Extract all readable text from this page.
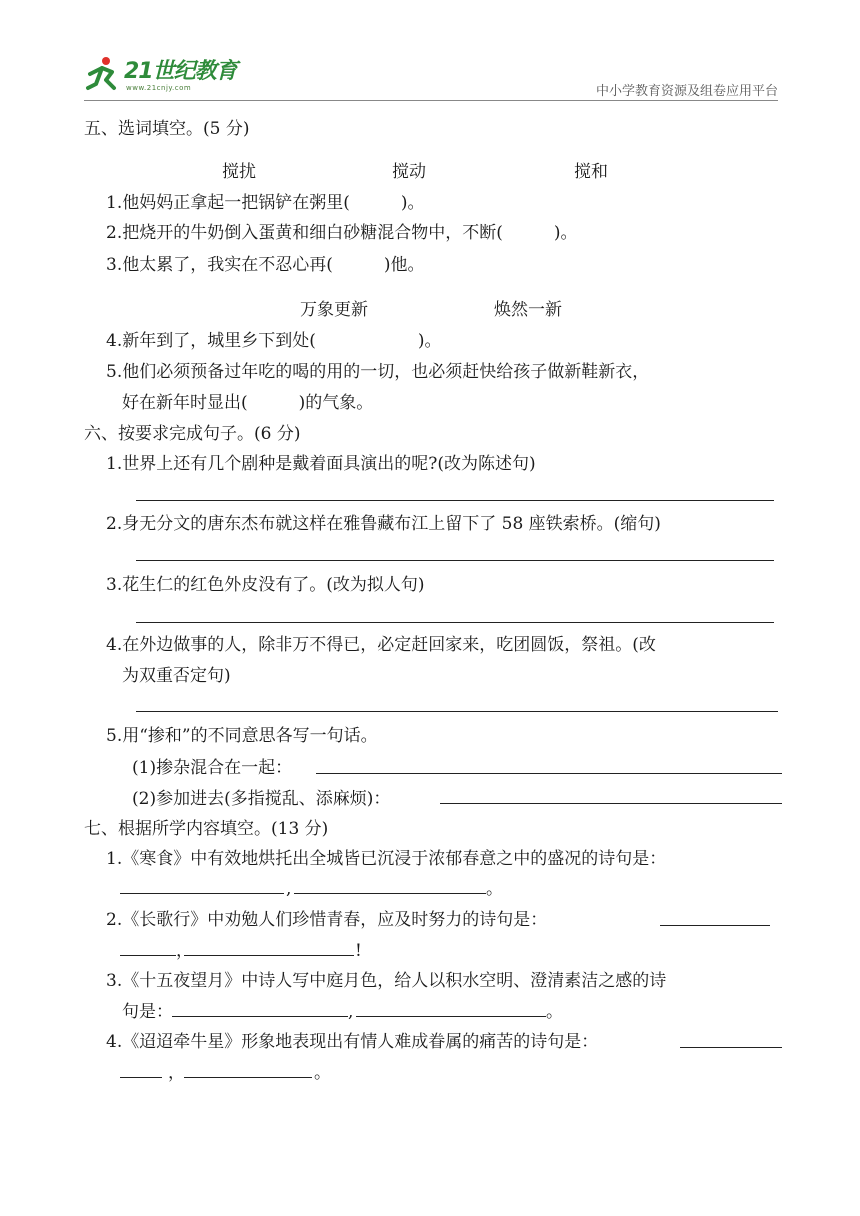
21世纪教育
www.21cnjy.com	中小学教育资源及组卷应用平台
五、选词填空。(5 分)
搅扰	搅动	搅和
1.他妈妈正拿起一把锅铲在粥里(　　　)。
2.把烧开的牛奶倒入蛋黄和细白砂糖混合物中，不断(　　　)。
3.他太累了，我实在不忍心再(　　　)他。
万象更新	焕然一新
4.新年到了，城里乡下到处(　　　　　　)。
5.他们必须预备过年吃的喝的用的一切，也必须赶快给孩子做新鞋新衣，
好在新年时显出(　　　)的气象。
六、按要求完成句子。(6 分)
1.世界上还有几个剧种是戴着面具演出的呢?(改为陈述句)
2.身无分文的唐东杰布就这样在雅鲁藏布江上留下了 58 座铁索桥。(缩句)
3.花生仁的红色外皮没有了。(改为拟人句)
4.在外边做事的人，除非万不得已，必定赶回家来，吃团圆饭，祭祖。(改
为双重否定句)
5.用“掺和”的不同意思各写一句话。
(1)掺杂混合在一起：
(2)参加进去(多指搅乱、添麻烦)：
七、根据所学内容填空。(13 分)
1.《寒食》中有效地烘托出全城皆已沉浸于浓郁春意之中的盛况的诗句是：
,	。
2.《长歌行》中劝勉人们珍惜青春，应及时努力的诗句是：
，	!
3.《十五夜望月》中诗人写中庭月色，给人以积水空明、澄清素洁之感的诗
句是：	,	。
4.《迢迢牵牛星》形象地表现出有情人难成眷属的痛苦的诗句是：
，	。
